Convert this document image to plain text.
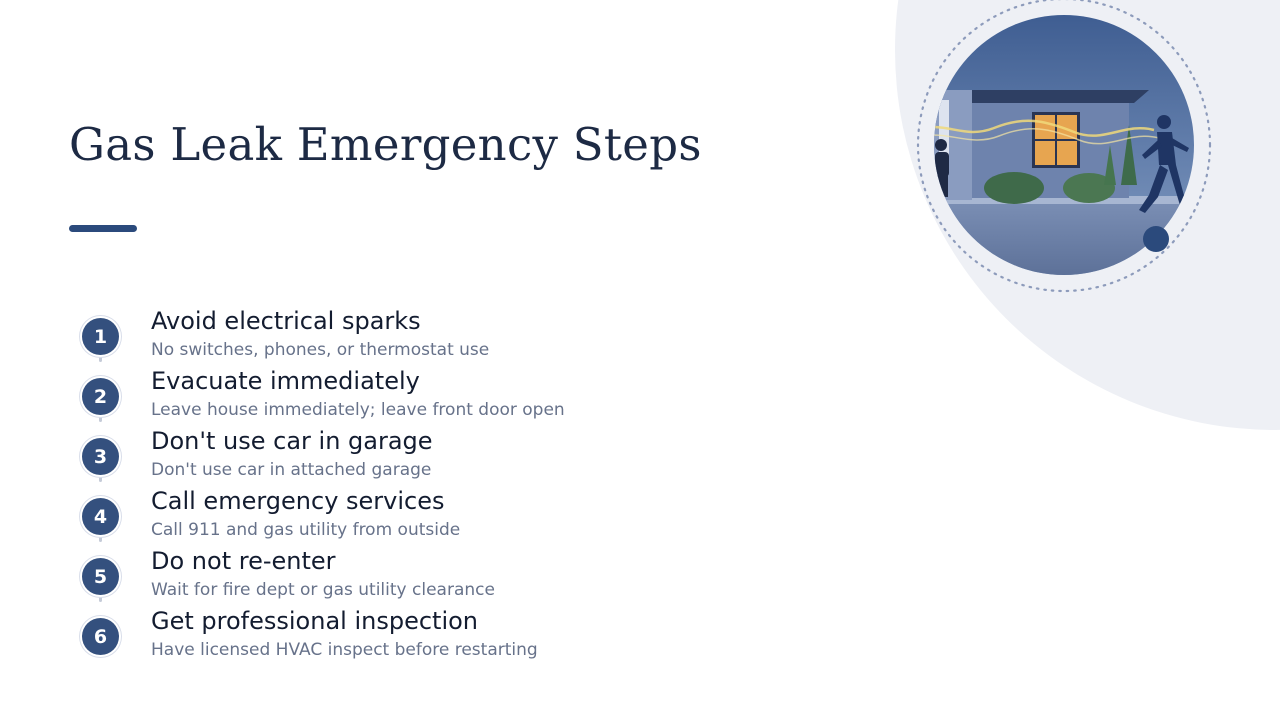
Gas Leak Emergency Steps
1
Avoid electrical sparks
No switches, phones, or thermostat use
2
Evacuate immediately
Leave house immediately; leave front door open
3
Don't use car in garage
Don't use car in attached garage
4
Call emergency services
Call 911 and gas utility from outside
5
Do not re-enter
Wait for fire dept or gas utility clearance
6
Get professional inspection
Have licensed HVAC inspect before restarting
